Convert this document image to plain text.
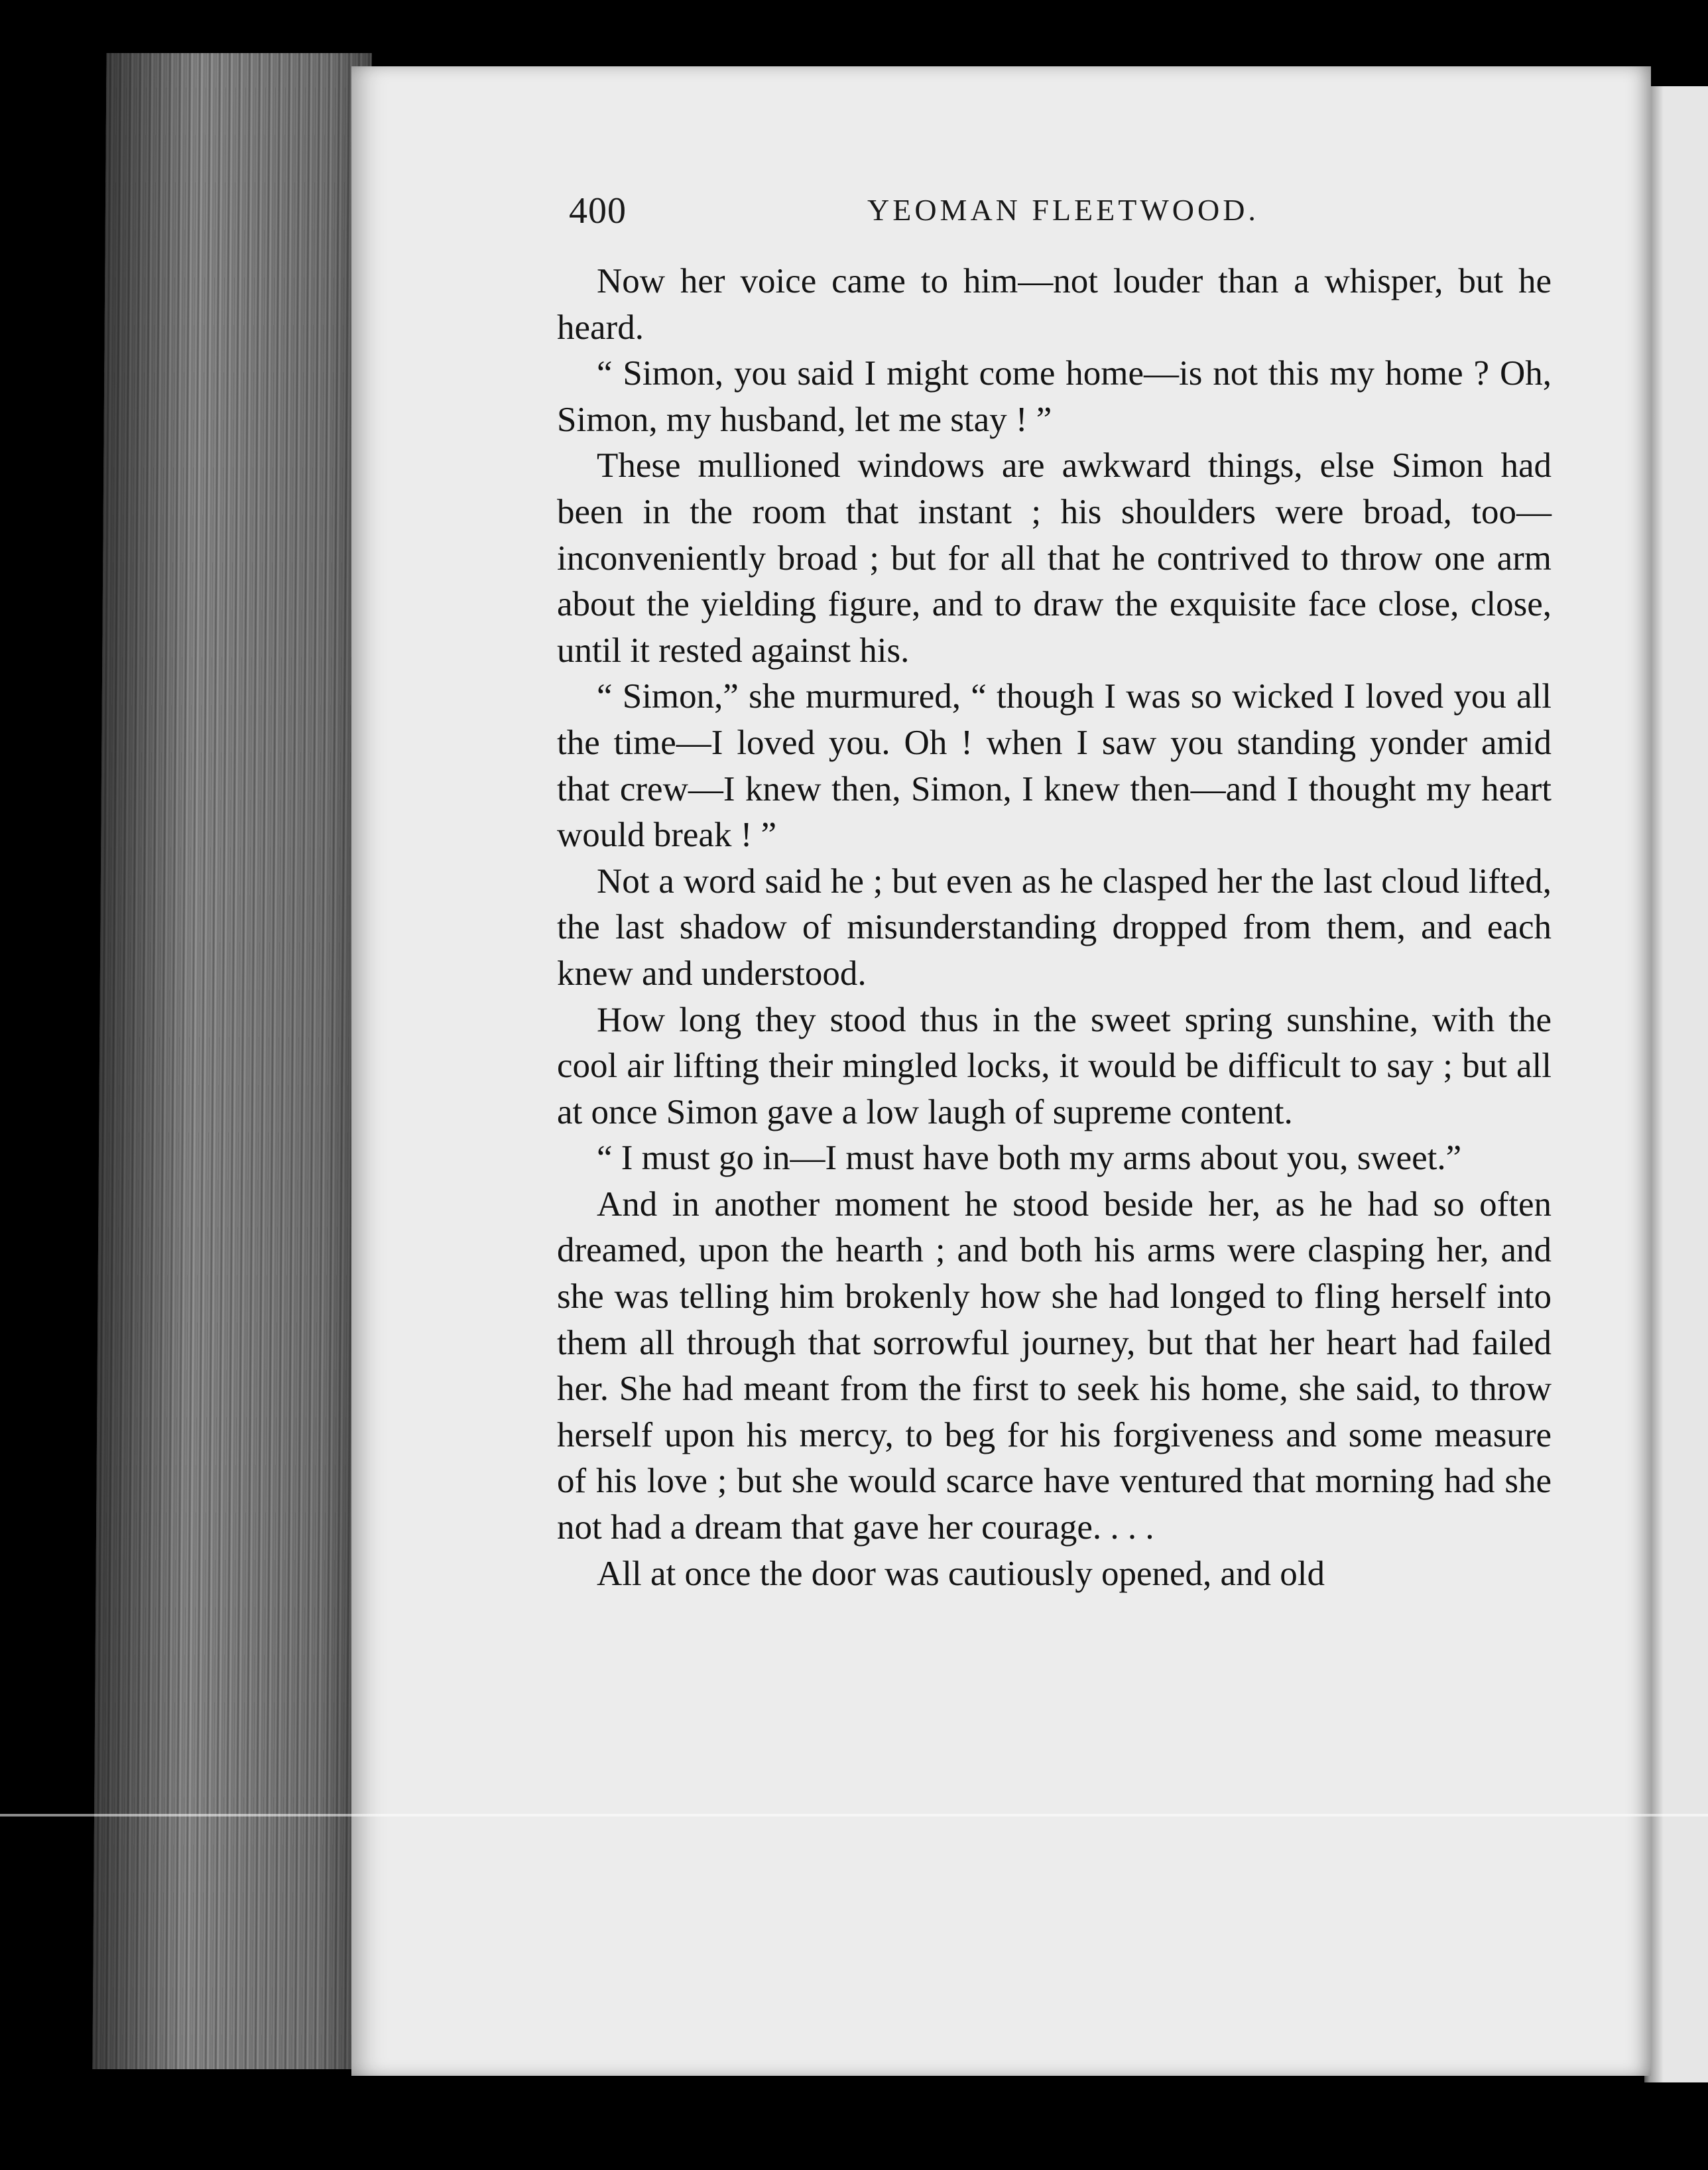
400	YEOMAN FLEETWOOD.

Now her voice came to him—not louder than a whisper, but he heard.

“ Simon, you said I might come home—is not this my home ? Oh, Simon, my husband, let me stay ! ”

These mullioned windows are awkward things, else Simon had been in the room that instant ; his shoulders were broad, too—inconveniently broad ; but for all that he contrived to throw one arm about the yielding figure, and to draw the exquisite face close, close, until it rested against his.

“ Simon,” she murmured, “ though I was so wicked I loved you all the time—I loved you. Oh ! when I saw you standing yonder amid that crew—I knew then, Simon, I knew then—and I thought my heart would break ! ”

Not a word said he ; but even as he clasped her the last cloud lifted, the last shadow of misunderstanding dropped from them, and each knew and understood.

How long they stood thus in the sweet spring sunshine, with the cool air lifting their mingled locks, it would be difficult to say ; but all at once Simon gave a low laugh of supreme content.

“ I must go in—I must have both my arms about you, sweet.”

And in another moment he stood beside her, as he had so often dreamed, upon the hearth ; and both his arms were clasping her, and she was telling him brokenly how she had longed to fling herself into them all through that sorrowful journey, but that her heart had failed her. She had meant from the first to seek his home, she said, to throw herself upon his mercy, to beg for his forgiveness and some measure of his love ; but she would scarce have ventured that morning had she not had a dream that gave her courage. . . .

All at once the door was cautiously opened, and old
